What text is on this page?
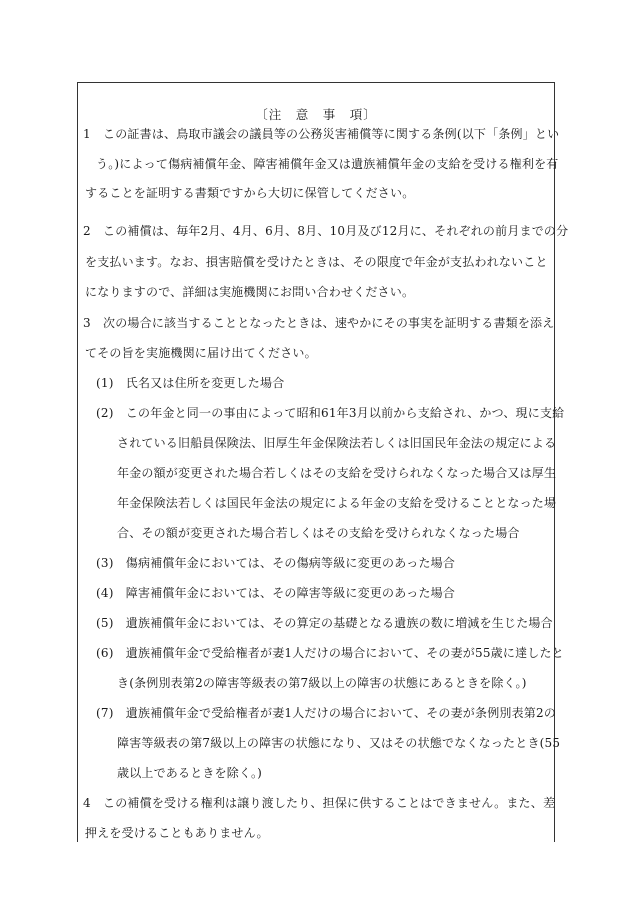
〔注　意　事　項〕
1　この証書は、鳥取市議会の議員等の公務災害補償等に関する条例(以下「条例」とい
う。)によって傷病補償年金、障害補償年金又は遺族補償年金の支給を受ける権利を有
することを証明する書類ですから大切に保管してください。
2　この補償は、毎年2月、4月、6月、8月、10月及び12月に、それぞれの前月までの分
を支払います。なお、損害賠償を受けたときは、その限度で年金が支払われないこと
になりますので、詳細は実施機関にお問い合わせください。
3　次の場合に該当することとなったときは、速やかにその事実を証明する書類を添え
てその旨を実施機関に届け出てください。
(1)　氏名又は住所を変更した場合
(2)　この年金と同一の事由によって昭和61年3月以前から支給され、かつ、現に支給
されている旧船員保険法、旧厚生年金保険法若しくは旧国民年金法の規定による
年金の額が変更された場合若しくはその支給を受けられなくなった場合又は厚生
年金保険法若しくは国民年金法の規定による年金の支給を受けることとなった場
合、その額が変更された場合若しくはその支給を受けられなくなった場合
(3)　傷病補償年金においては、その傷病等級に変更のあった場合
(4)　障害補償年金においては、その障害等級に変更のあった場合
(5)　遺族補償年金においては、その算定の基礎となる遺族の数に増減を生じた場合
(6)　遺族補償年金で受給権者が妻1人だけの場合において、その妻が55歳に達したと
き(条例別表第2の障害等級表の第7級以上の障害の状態にあるときを除く。)
(7)　遺族補償年金で受給権者が妻1人だけの場合において、その妻が条例別表第2の
障害等級表の第7級以上の障害の状態になり、又はその状態でなくなったとき(55
歳以上であるときを除く。)
4　この補償を受ける権利は譲り渡したり、担保に供することはできません。また、差
押えを受けることもありません。
